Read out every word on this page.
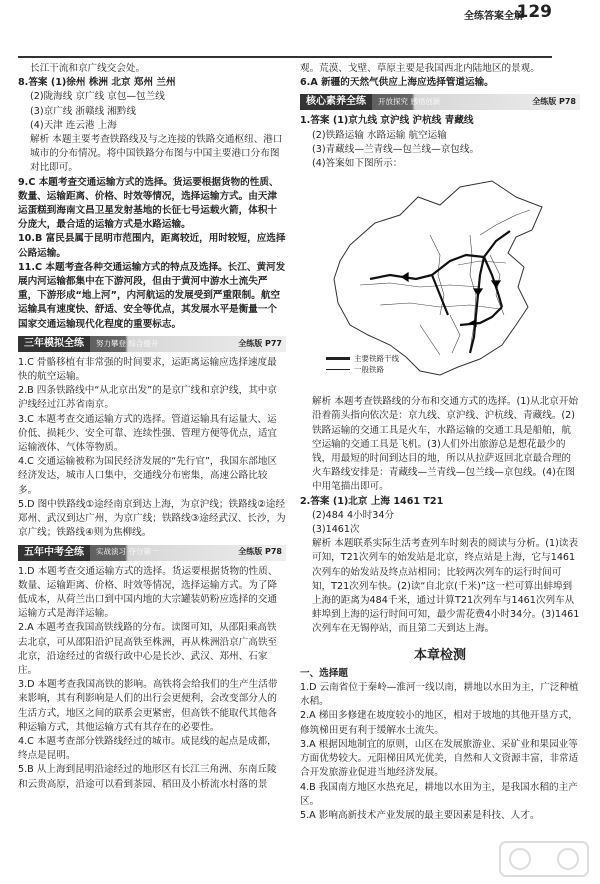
全练答案全解
129

长江干流和京广线交会处。

8.答案 (1)徐州 株洲 北京 郑州 兰州

(2)陇海线 京广线 京包—包兰线

(3)京广线 浙赣线 湘黔线

(4)天津 连云港 上海

解析 本题主要考查铁路线及与之连接的铁路交通枢纽、港口城市的分布情况。将中国铁路分布图与中国主要港口分布图对比即可。

9.C 本题考查交通运输方式的选择。货运要根据货物的性质、数量、运输距离、价格、时效等情况，选择运输方式。由天津运蛋糕到海南文昌卫星发射基地的长征七号运载火箭，体积十分庞大，最合适的运输方式是水路运输。

10.B 富民县属于昆明市范围内，距离较近，用时较短，应选择公路运输。

11.C 本题考查各种交通运输方式的特点及选择。长江、黄河发展内河运输都集中在下游河段，但由于黄河中游水土流失严重，下游形成“地上河”，内河航运的发展受到严重限制。航空运输具有速度快、舒适、安全等优点，其发展水平是衡量一个国家交通运输现代化程度的重要标志。

三年模拟全练	努力攀登 综合提升	全练版 P77

1.C 骨骼移植有非常强的时间要求，运距离运输应选择速度最快的航空运输。

2.B 四条铁路线中“从北京出发”的是京广线和京沪线，其中京沪线经过江苏省南京。

3.C 本题考查交通运输方式的选择。管道运输具有运量大、运价低、损耗少、安全可靠、连续性强、管理方便等优点，适宜运输液体、气体等物质。

4.C 交通运输被称为国民经济发展的“先行官”，我国东部地区经济发达，城市人口集中，交通线分布密集，高速公路比较多。

5.D 图中铁路线①途经南京到达上海，为京沪线；铁路线②途经郑州、武汉到达广州，为京广线；铁路线③途经武汉、长沙，为京广线；铁路线④则为焦柳线。

五年中考全练	实战演习 夺分第一	全练版 P78

1.D 本题考查交通运输方式的选择。货运要根据货物的性质、数量、运输距离、价格、时效等情况，选择运输方式。为了降低成本，从荷兰出口到中国内地的大宗罐装奶粉应选择的交通运输方式是海洋运输。

2.A 本题考查我国高铁线路的分布。读图可知，从邵阳乘高铁去北京，可从邵阳沿沪昆高铁至株洲，再从株洲沿京广高铁至北京，沿途经过的省级行政中心是长沙、武汉、郑州、石家庄。

3.D 本题考查我国高铁的影响。高铁将会给我们的生产生活带来影响，其有利影响是人们的出行会更便利，会改变部分人的生活方式，地区之间的联系会更紧密，但高铁不能取代其他各种运输方式，其他运输方式有其存在的必要性。

4.C 本题考查部分铁路线经过的城市。成昆线的起点是成都，终点是昆明。

5.B 从上海到昆明沿途经过的地形区有长江三角洲、东南丘陵和云贵高原，沿途可以看到茶园、稻田及小桥流水村落的景

观。荒漠、戈壁、草原主要是我国西北内陆地区的景观。

6.A 新疆的天然气供应上海应选择管道运输。

核心素养全练	开放探究 感悟创新	全练版 P78

1.答案 (1)京九线 京沪线 沪杭线 青藏线

(2)铁路运输 水路运输 航空运输

(3)青藏线—兰青线—包兰线—京包线。

(4)答案如下图所示：

主要铁路干线
一般铁路

解析 本题考查铁路线的分布和交通方式的选择。(1)从北京开始沿着箭头指向依次是：京九线、京沪线、沪杭线、青藏线。(2)铁路运输的交通工具是火车，水路运输的交通工具是船舶，航空运输的交通工具是飞机。(3)人们外出旅游总是想花最少的钱，用最短的时间到达目的地，所以从拉萨返回北京最合理的火车路线安排是：青藏线—兰青线—包兰线—京包线。(4)在图中用笔描出即可。

2.答案 (1)北京 上海 1461 T21

(2)484 4小时34分

(3)1461次

解析 本题联系实际生活考查列车时刻表的阅读与分析。(1)读表可知，T21次列车的始发站是北京，终点站是上海，它与1461次列车的始发站及终点站相同；比较两次列车的运行时间可知，T21次列车快。(2)读“自北京(千米)”这一栏可算出蚌埠到上海的距离为484千米，通过计算T21次列车与1461次列车从蚌埠到上海的运行时间可知，最少需花费4小时34分。(3)1461次列车在无锡停站，而且第二天到达上海。

本章检测
一、选择题

1.D 云南省位于秦岭—淮河一线以南，耕地以水田为主，广泛种植水稻。

2.A 梯田多修建在坡度较小的地区，相对于坡地的其他开垦方式，修筑梯田更有利于缓解水土流失。

3.A 根据因地制宜的原则，山区在发展旅游业、采矿业和果园业等方面优势较大。元阳梯田风光优美，自然和人文资源丰富，非常适合开发旅游业促进当地经济发展。

4.B 我国南方地区水热充足，耕地以水田为主，是我国水稻的主产区。

5.A 影响高新技术产业发展的最主要因素是科技、人才。
